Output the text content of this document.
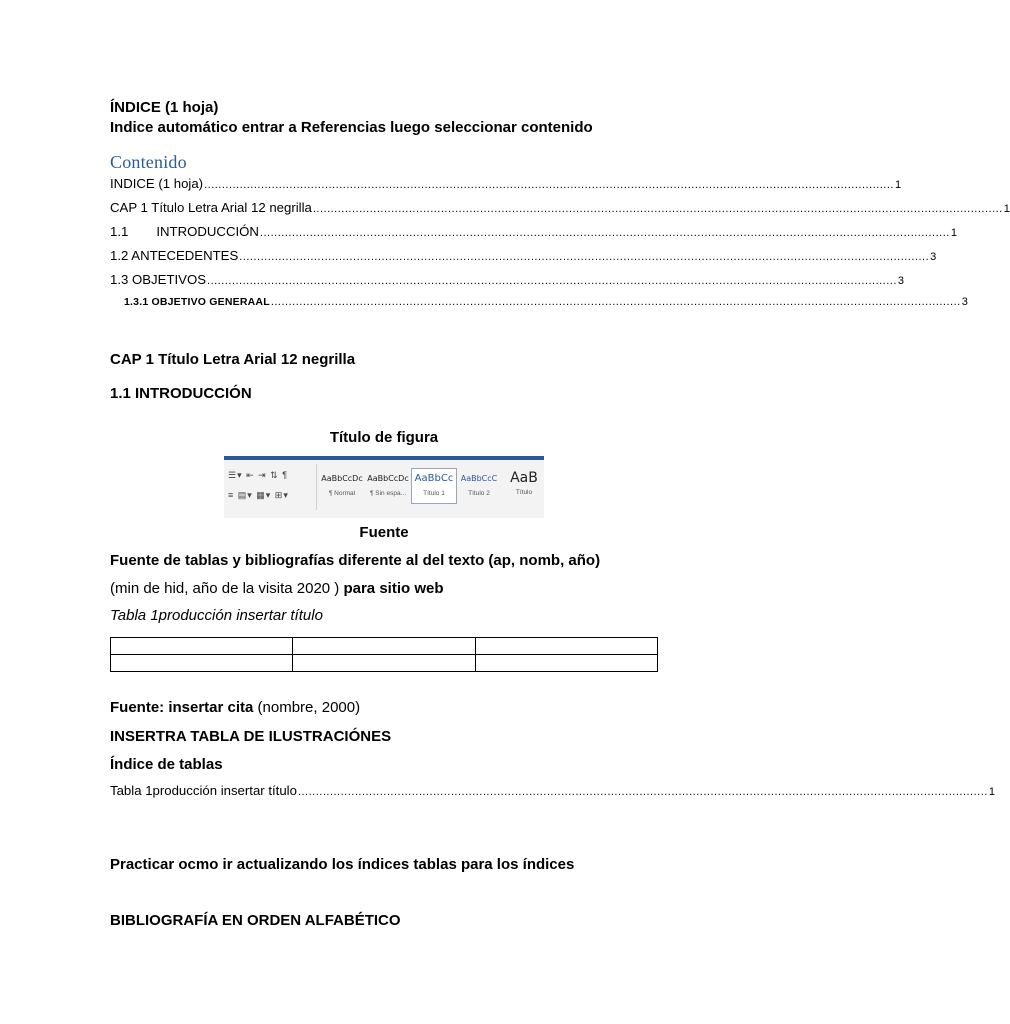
ÍNDICE (1 hoja)
Indice automático entrar a Referencias luego seleccionar contenido
Contenido
INDICE (1 hoja) .................................................................................................................................................................................................. 1
CAP 1 Título Letra Arial 12 negrilla .................................................................................................................................................................................................. 1
1.1 INTRODUCCIÓN .................................................................................................................................................................................................. 1
1.2 ANTECEDENTES .................................................................................................................................................................................................. 3
1.3 OBJETIVOS .................................................................................................................................................................................................. 3
1.3.1 OBJETIVO GENERAAL .................................................................................................................................................................................................. 3
CAP 1 Título Letra Arial 12 negrilla
1.1 INTRODUCCIÓN
Título de figura
☰▾ ⇤ ⇥ ⇅ ¶
≡ ▤▾ ▦▾ ⊞▾
AaBbCcDc
¶ Normal
AaBbCcDc
¶ Sin espa...
AaBbCc
Título 1
AaBbCcC
Título 2
AaB
Título
Fuente
Fuente de tablas y bibliografías diferente al del texto (ap, nomb, año)
(min de hid, año de la visita 2020 ) para sitio web
Tabla 1producción insertar título

Fuente: insertar cita (nombre, 2000)
INSERTRA TABLA DE ILUSTRACIÓNES
Índice de tablas
Tabla 1producción insertar título .................................................................................................................................................................................................. 1
Practicar ocmo ir actualizando los índices tablas para los índices
BIBLIOGRAFÍA EN ORDEN ALFABÉTICO
